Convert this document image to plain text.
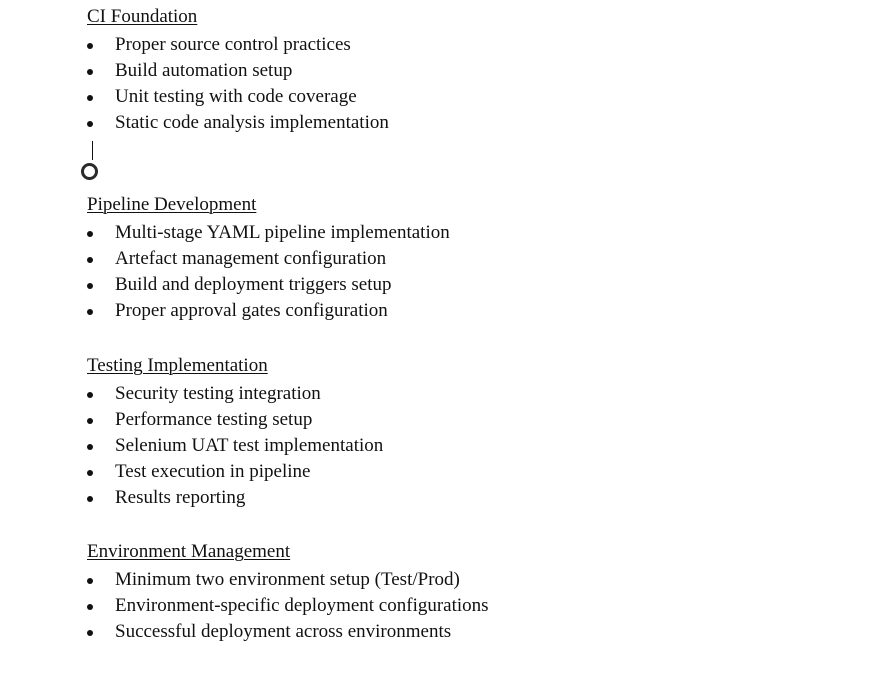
CI Foundation

Proper source control practices
Build automation setup
Unit testing with code coverage
Static code analysis implementation

Pipeline Development

Multi-stage YAML pipeline implementation
Artefact management configuration
Build and deployment triggers setup
Proper approval gates configuration

Testing Implementation

Security testing integration
Performance testing setup
Selenium UAT test implementation
Test execution in pipeline
Results reporting

Environment Management

Minimum two environment setup (Test/Prod)
Environment-specific deployment configurations
Successful deployment across environments
